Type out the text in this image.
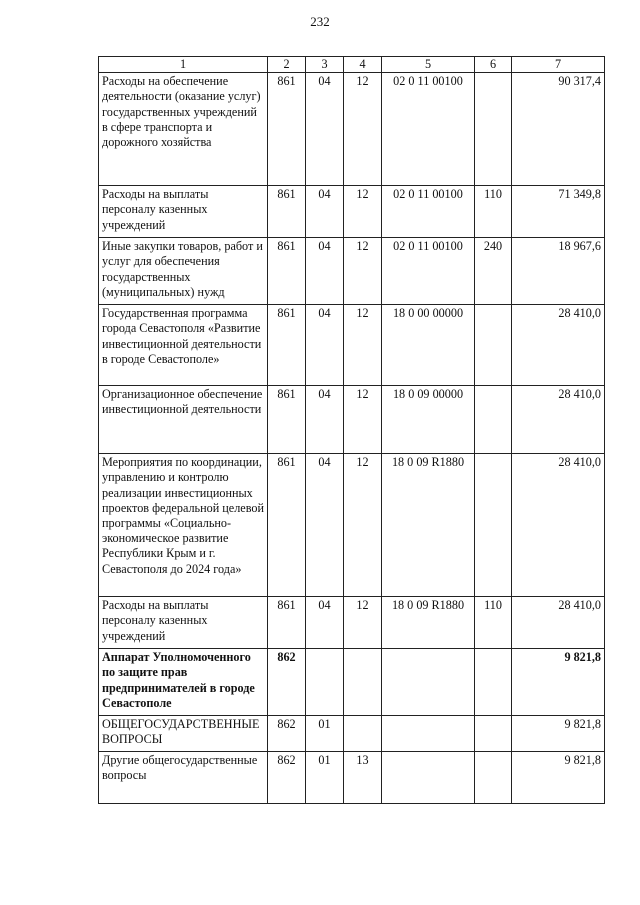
232
1	2	3	4	5	6	7
Расходы на обеспечение деятельности (оказание услуг) государственных учреждений в сфере транспорта и дорожного хозяйства	861	04	12	02 0 11 00100		90 317,4
Расходы на выплаты персоналу казенных учреждений	861	04	12	02 0 11 00100	110	71 349,8
Иные закупки товаров, работ и услуг для обеспечения государственных (муниципальных) нужд	861	04	12	02 0 11 00100	240	18 967,6
Государственная программа города Севастополя «Развитие инвестиционной деятельности в городе Севастополе»	861	04	12	18 0 00 00000		28 410,0
Организационное обеспечение инвестиционной деятельности	861	04	12	18 0 09 00000		28 410,0
Мероприятия по координации, управлению и контролю реализации инвестиционных проектов федеральной целевой программы «Социально-экономическое развитие Республики Крым и г. Севастополя до 2024 года»	861	04	12	18 0 09 R1880		28 410,0
Расходы на выплаты персоналу казенных учреждений	861	04	12	18 0 09 R1880	110	28 410,0
Аппарат Уполномоченного по защите прав предпринимателей в городе Севастополе	862					9 821,8
ОБЩЕГОСУДАРСТВЕННЫЕ ВОПРОСЫ	862	01				9 821,8
Другие общегосударственные вопросы	862	01	13			9 821,8
